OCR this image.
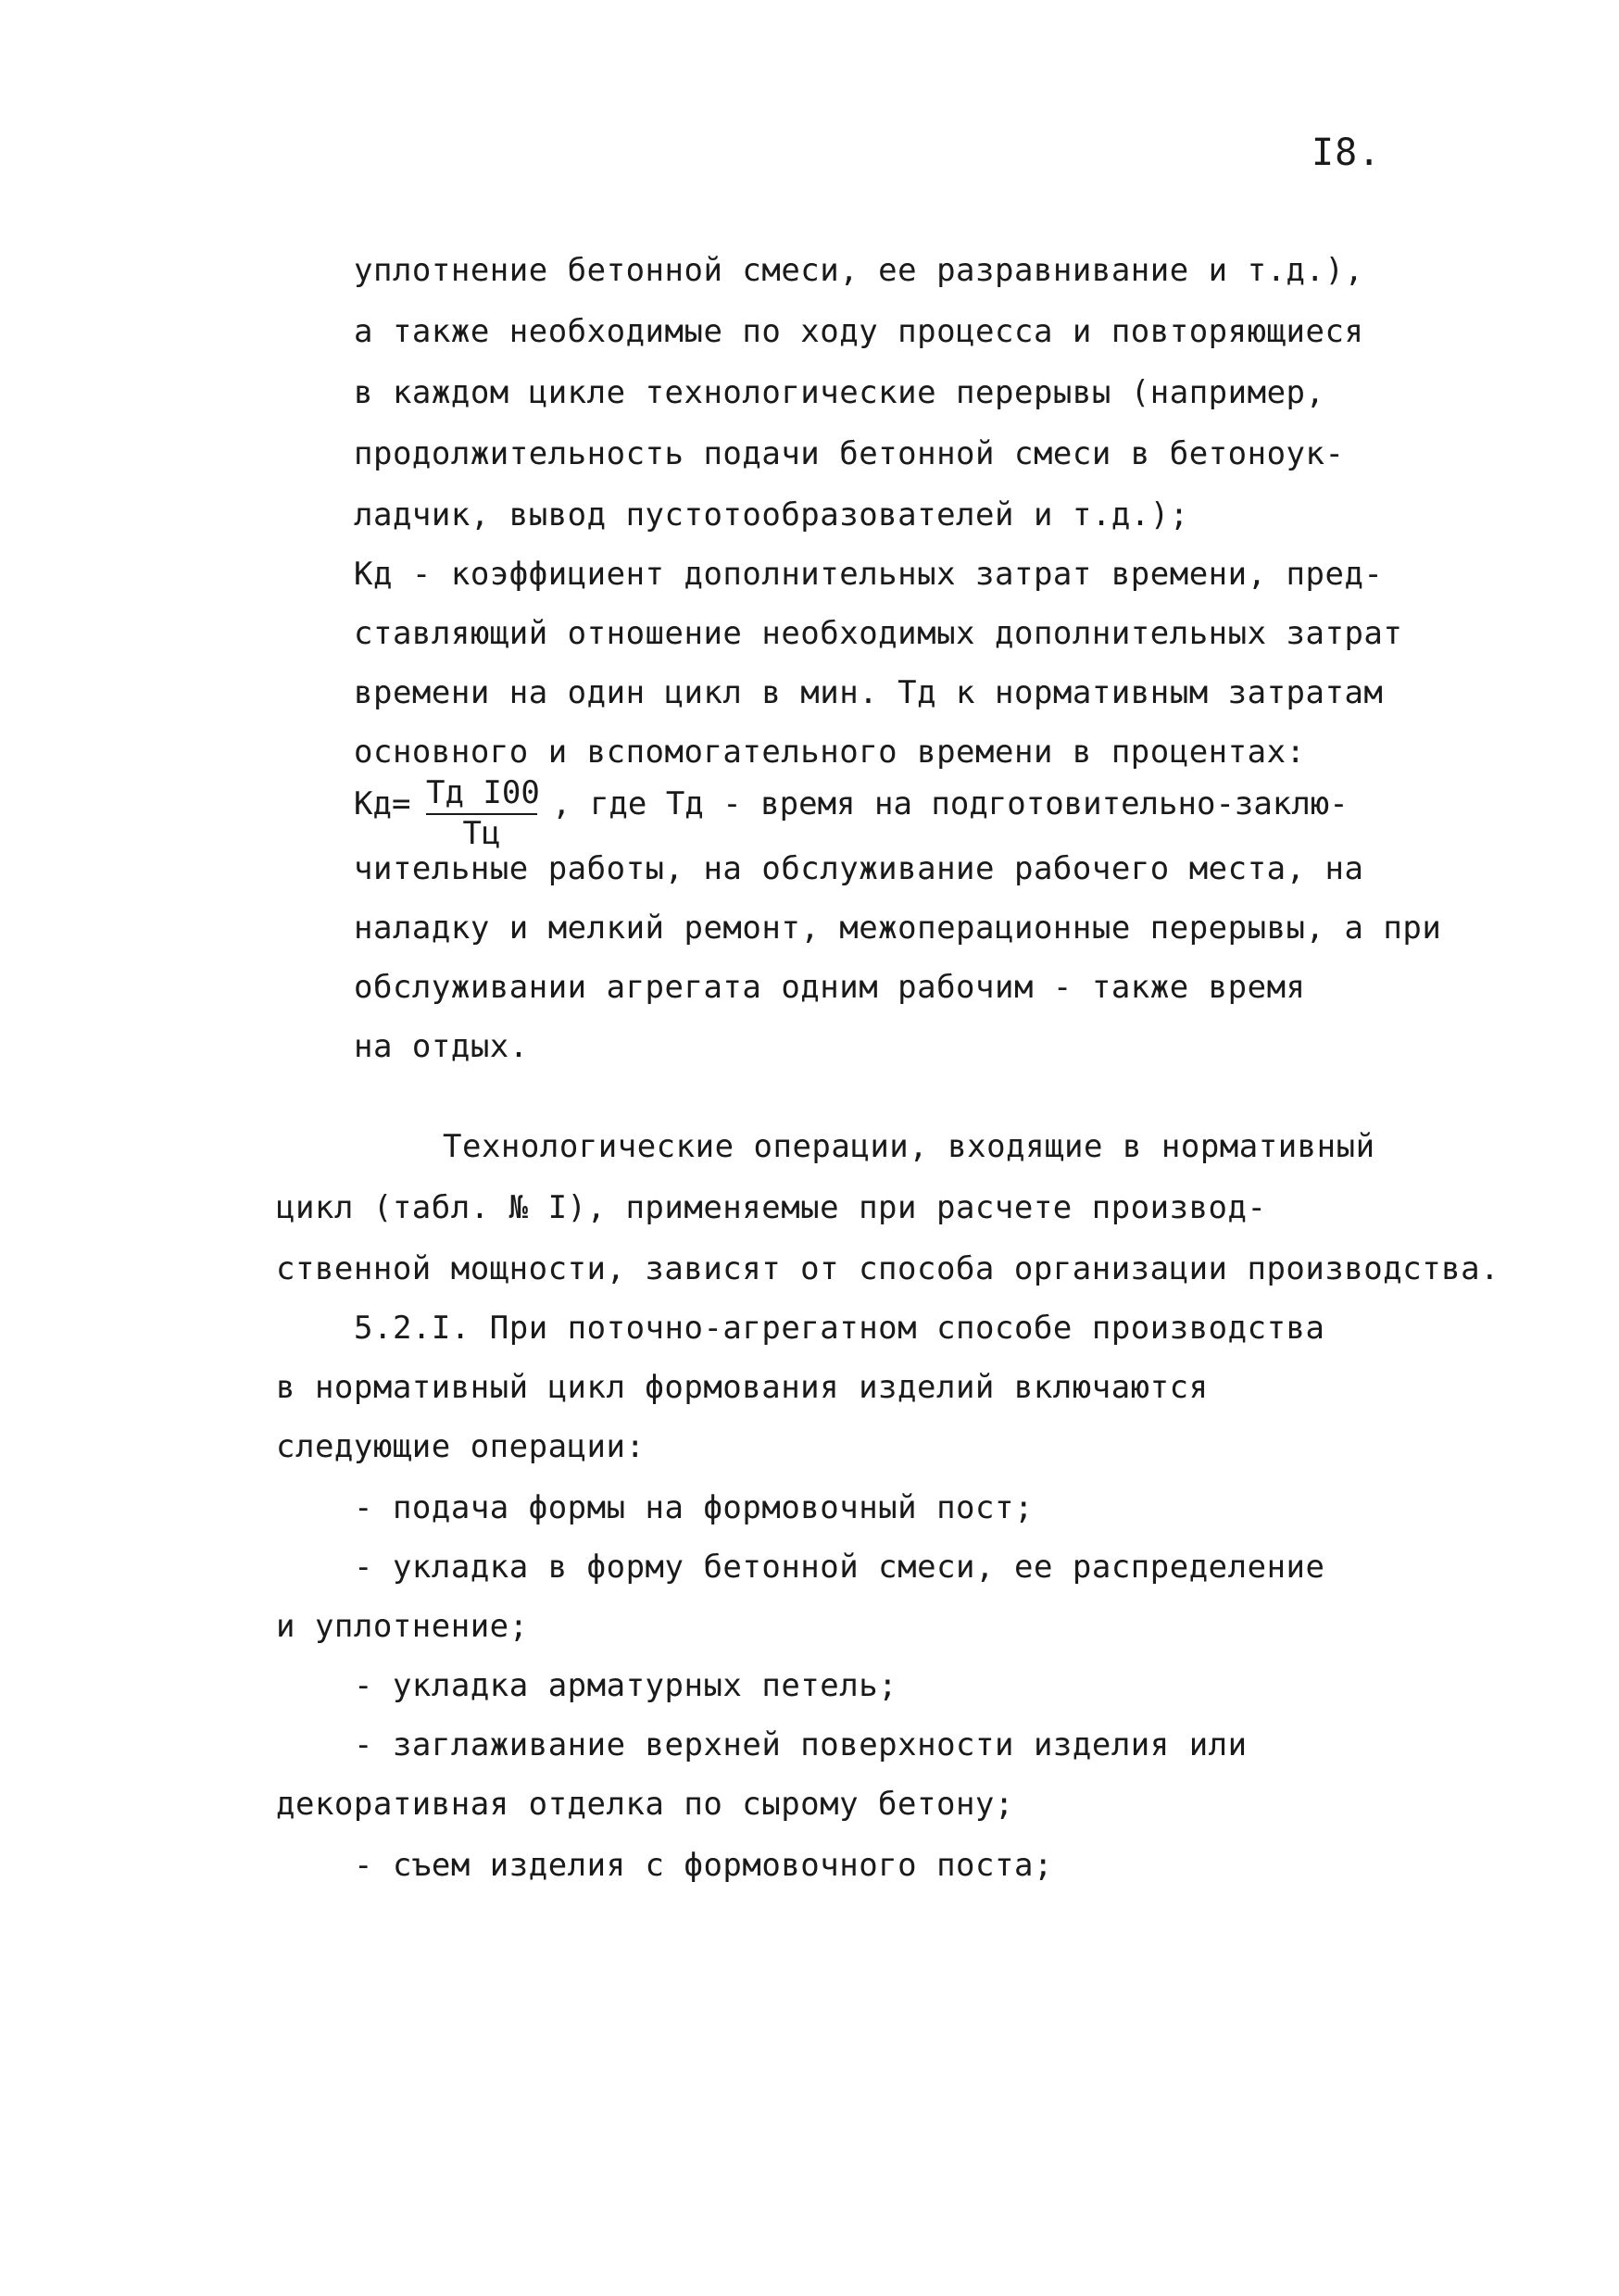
I8.
уплотнение бетонной смеси, ее разравнивание и т.д.),
а также необходимые по ходу процесса и повторяющиеся
в каждом цикле технологические перерывы (например,
продолжительность подачи бетонной смеси в бетоноук-
ладчик, вывод пустотообразователей и т.д.);
Кд - коэффициент дополнительных затрат времени, пред-
ставляющий отношение необходимых дополнительных затрат
времени на один цикл в мин. Тд к нормативным затратам
основного и вспомогательного времени в процентах:
Кд= Тд I00
Тц
, где Тд - время на подготовительно-заклю-
чительные работы, на обслуживание рабочего места, на
наладку и мелкий ремонт, межоперационные перерывы, а при
обслуживании агрегата одним рабочим - также время
на отдых.
Технологические операции, входящие в нормативный
цикл (табл. № I), применяемые при расчете производ-
ственной мощности, зависят от способа организации производства.
5.2.I. При поточно-агрегатном способе производства
в нормативный цикл формования изделий включаются
следующие операции:
- подача формы на формовочный пост;
- укладка в форму бетонной смеси, ее распределение
и уплотнение;
- укладка арматурных петель;
- заглаживание верхней поверхности изделия или
декоративная отделка по сырому бетону;
- съем изделия с формовочного поста;
